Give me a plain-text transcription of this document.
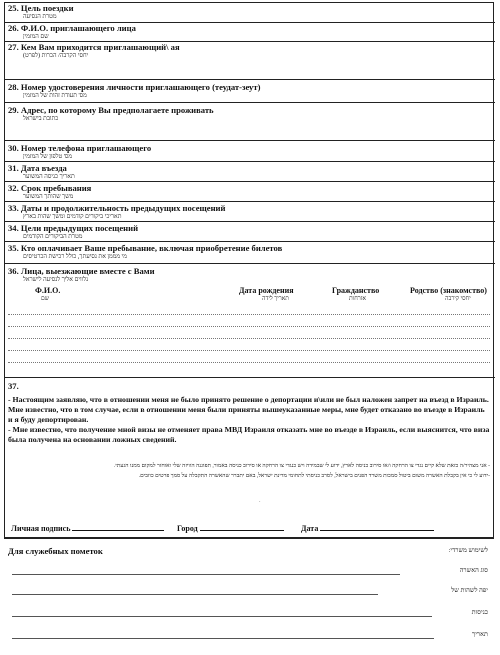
25. Цель поездки
מטרת הנסיעה
26. Ф.И.О. приглашающего лица
שם המזמין
27. Кем Вам приходится приглашающий\ ая
יחסי הקרבה/ הכרות (לפרט)
28. Номер удостоверения личности приглашающего (теудат-зеут)
מס' תעודת זהות של המזמין
29. Адрес, по которому Вы предполагаете проживать
כתובת בישראל
30. Номер телефона приглашающего
מס' טלפון של המזמין
31. Дата въезда
תאריך כניסה המשוער
32. Срок пребывания
משך שהותך המשוער
33. Даты и продолжительность предыдущих посещений
תאריכי ביקורים קודמים ומשך שהות בארץ
34. Цели предыдущих посещений
מטרת הביקורים הקודמים
35. Кто оплачивает Ваше пребывание, включая приобретение билетов
מי מממן את נסיעתך, כולל רכישת הכרטיסים
36. Лица, выезжающие вместе с Вами
נלווים אליך לנסיעה לישראל
Ф.И.О.
שם
Дата рождения
תאריך לידה
Гражданство
אזרחות
Родство (знакомство)
יחסי קירבה
37.

- Настоящим заявляю, что в отношении меня не было принято решение о депортации и\или не был наложен запрет на въезд в Израиль. Мне известно, что в том случае, если в отношении меня были приняты вышеуказанные меры, мне будет отказано во въезде в Израиль и я буду депортирован.

- Мне известно, что получение мной визы не отменяет права МВД Израиля отказать мне во въезде в Израиль, если выяснится, что виза была получена на основании ложных сведений.

- אני מצהיר/ה כזאת שלא קיים נגדי צו הרחקה ו/או סירוב כניסה לארץ, ידוע לי שבמידה ויש כנגדי צו הרחקה או סירוב כניסה באמור, תפוגנה הוויזה שלי ואוחזר למקום ממנו הגעתי.
-ידוע לי כי אין בקבלת האשרה משום ביטול סמכות משרד הפנים בישראל, לסרב כניסתי לתחומי מדינת ישראל, באם יתברר שהאשרה התקבלה על סמך פרטים כוזבים.
·
Личная подпись	Город	Дата
Для служебных пометок	לשימוש משרדי:
סוג האשרה
יפה לשהות של
כניסות
תאריך
